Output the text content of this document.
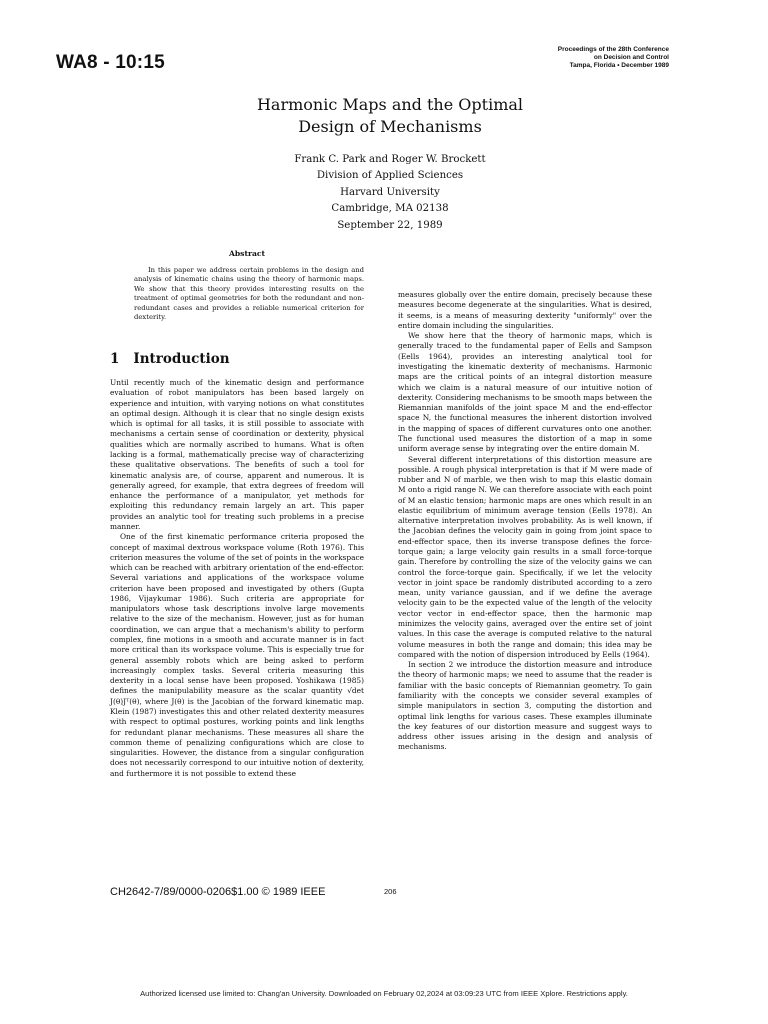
WA8 - 10:15
Proceedings of the 28th Conference
on Decision and Control
Tampa, Florida • December 1989
Harmonic Maps and the Optimal
Design of Mechanisms
Frank C. Park and Roger W. Brockett
Division of Applied Sciences
Harvard University
Cambridge, MA 02138
September 22, 1989
Abstract
In this paper we address certain problems in the design and analysis of kinematic chains using the theory of harmonic maps. We show that this theory provides interesting results on the treatment of optimal geometries for both the redundant and non-redundant cases and provides a reliable numerical criterion for dexterity.
1 Introduction

Until recently much of the kinematic design and performance evaluation of robot manipulators has been based largely on experience and intuition, with varying notions on what constitutes an optimal design. Although it is clear that no single design exists which is optimal for all tasks, it is still possible to associate with mechanisms a certain sense of coordination or dexterity, physical qualities which are normally ascribed to humans. What is often lacking is a formal, mathematically precise way of characterizing these qualitative observations. The benefits of such a tool for kinematic analysis are, of course, apparent and numerous. It is generally agreed, for example, that extra degrees of freedom will enhance the performance of a manipulator, yet methods for exploiting this redundancy remain largely an art. This paper provides an analytic tool for treating such problems in a precise manner.

One of the first kinematic performance criteria proposed the concept of maximal dextrous workspace volume (Roth 1976). This criterion measures the volume of the set of points in the workspace which can be reached with arbitrary orientation of the end-effector. Several variations and applications of the workspace volume criterion have been proposed and investigated by others (Gupta 1986, Vijaykumar 1986). Such criteria are appropriate for manipulators whose task descriptions involve large movements relative to the size of the mechanism. However, just as for human coordination, we can argue that a mechanism's ability to perform complex, fine motions in a smooth and accurate manner is in fact more critical than its workspace volume. This is especially true for general assembly robots which are being asked to perform increasingly complex tasks. Several criteria measuring this dexterity in a local sense have been proposed. Yoshikawa (1985) defines the manipulability measure as the scalar quantity √det J(θ)Jᵀ(θ), where J(θ) is the Jacobian of the forward kinematic map. Klein (1987) investigates this and other related dexterity measures with respect to optimal postures, working points and link lengths for redundant planar mechanisms. These measures all share the common theme of penalizing configurations which are close to singularities. However, the distance from a singular configuration does not necessarily correspond to our intuitive notion of dexterity, and furthermore it is not possible to extend these

measures globally over the entire domain, precisely because these measures become degenerate at the singularities. What is desired, it seems, is a means of measuring dexterity "uniformly" over the entire domain including the singularities.

We show here that the theory of harmonic maps, which is generally traced to the fundamental paper of Eells and Sampson (Eells 1964), provides an interesting analytical tool for investigating the kinematic dexterity of mechanisms. Harmonic maps are the critical points of an integral distortion measure which we claim is a natural measure of our intuitive notion of dexterity. Considering mechanisms to be smooth maps between the Riemannian manifolds of the joint space M and the end-effector space N, the functional measures the inherent distortion involved in the mapping of spaces of different curvatures onto one another. The functional used measures the distortion of a map in some uniform average sense by integrating over the entire domain M.

Several different interpretations of this distortion measure are possible. A rough physical interpretation is that if M were made of rubber and N of marble, we then wish to map this elastic domain M onto a rigid range N. We can therefore associate with each point of M an elastic tension; harmonic maps are ones which result in an elastic equilibrium of minimum average tension (Eells 1978). An alternative interpretation involves probability. As is well known, if the Jacobian defines the velocity gain in going from joint space to end-effector space, then its inverse transpose defines the force-torque gain; a large velocity gain results in a small force-torque gain. Therefore by controlling the size of the velocity gains we can control the force-torque gain. Specifically, if we let the velocity vector in joint space be randomly distributed according to a zero mean, unity variance gaussian, and if we define the average velocity gain to be the expected value of the length of the velocity vector vector in end-effector space, then the harmonic map minimizes the velocity gains, averaged over the entire set of joint values. In this case the average is computed relative to the natural volume measures in both the range and domain; this idea may be compared with the notion of dispersion introduced by Eells (1964).

In section 2 we introduce the distortion measure and introduce the theory of harmonic maps; we need to assume that the reader is familiar with the basic concepts of Riemannian geometry. To gain familiarity with the concepts we consider several examples of simple manipulators in section 3, computing the distortion and optimal link lengths for various cases. These examples illuminate the key features of our distortion measure and suggest ways to address other issues arising in the design and analysis of mechanisms.

CH2642-7/89/0000-0206$1.00 © 1989 IEEE	206
Authorized licensed use limited to: Chang'an University. Downloaded on February 02,2024 at 03:09:23 UTC from IEEE Xplore. Restrictions apply.
